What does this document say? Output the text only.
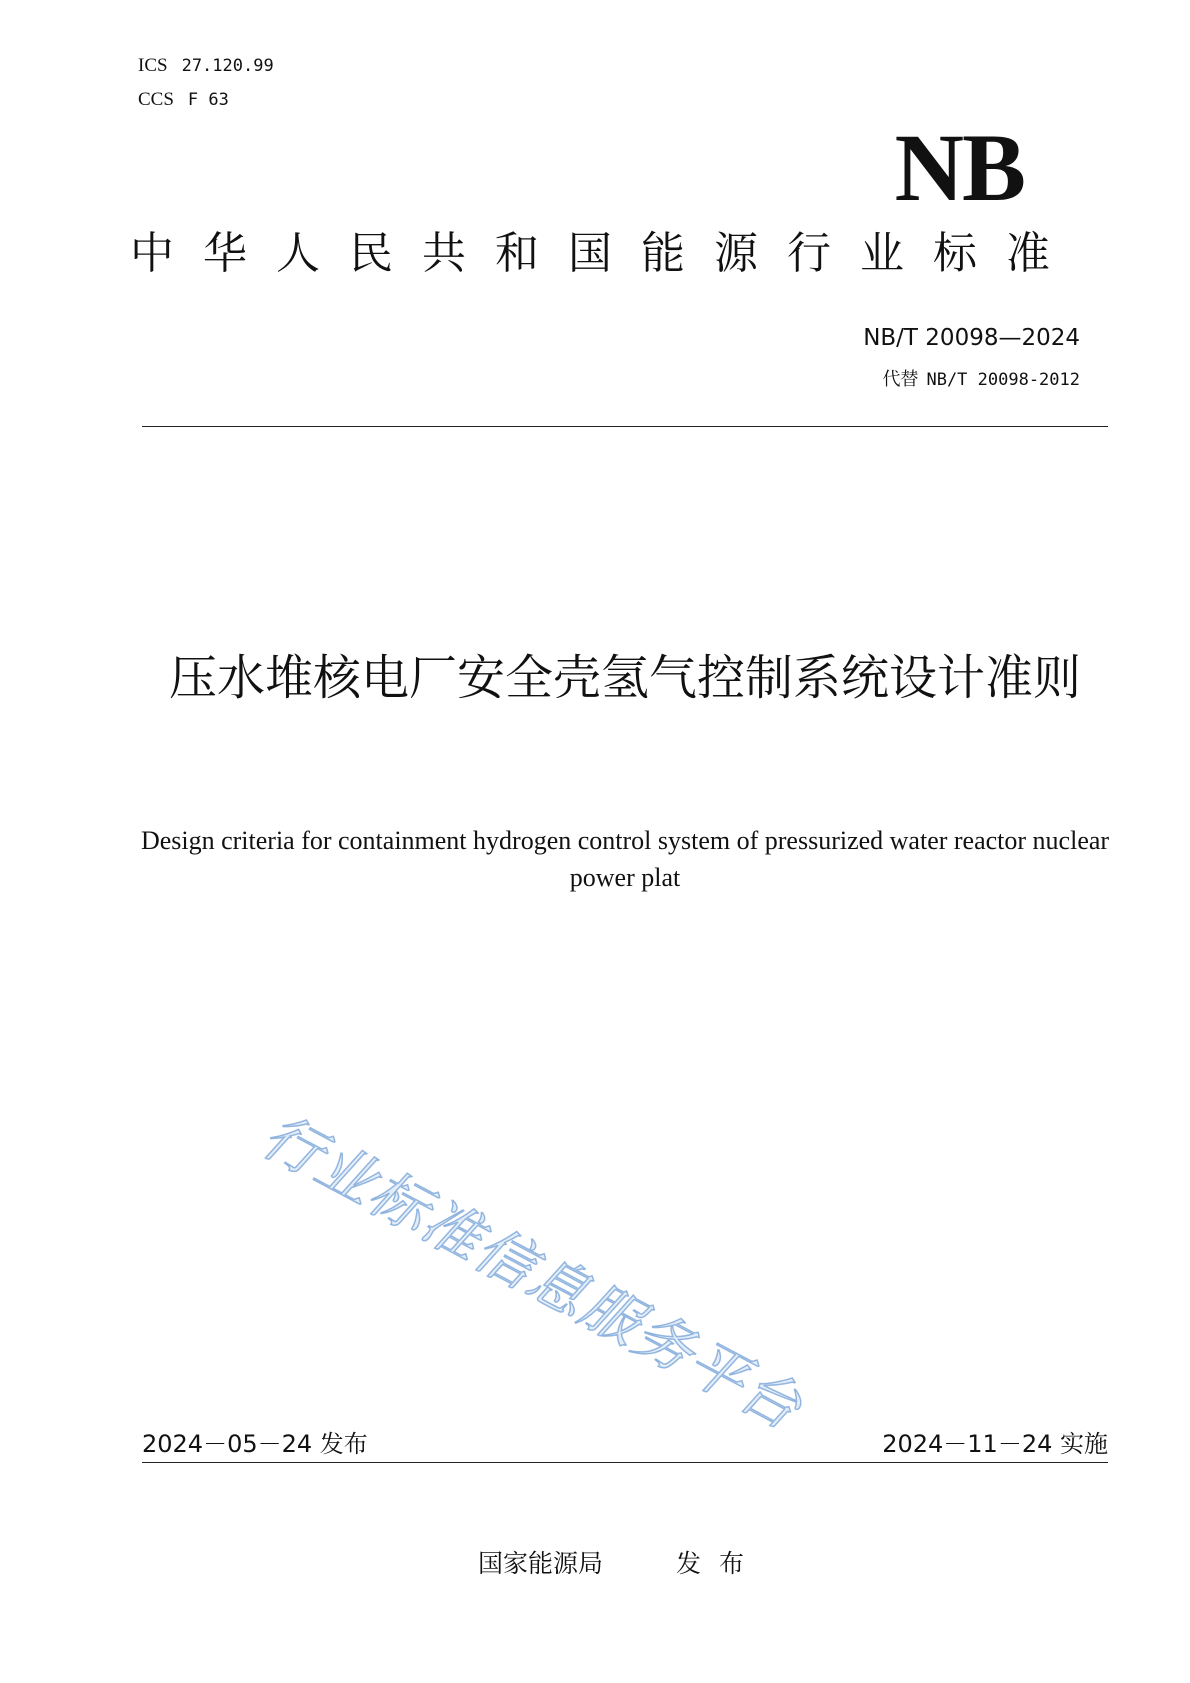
ICS 27.120.99
CCS F 63
NB
中华人民共和国能源行业标准
NB/T 20098—2024
代替 NB/T 20098-2012
压水堆核电厂安全壳氢气控制系统设计准则
Design criteria for containment hydrogen control system of pressurized water reactor nuclear power plat
行业标准信息服务平台
2024－05－24 发布	2024－11－24 实施
国家能源局	发布
